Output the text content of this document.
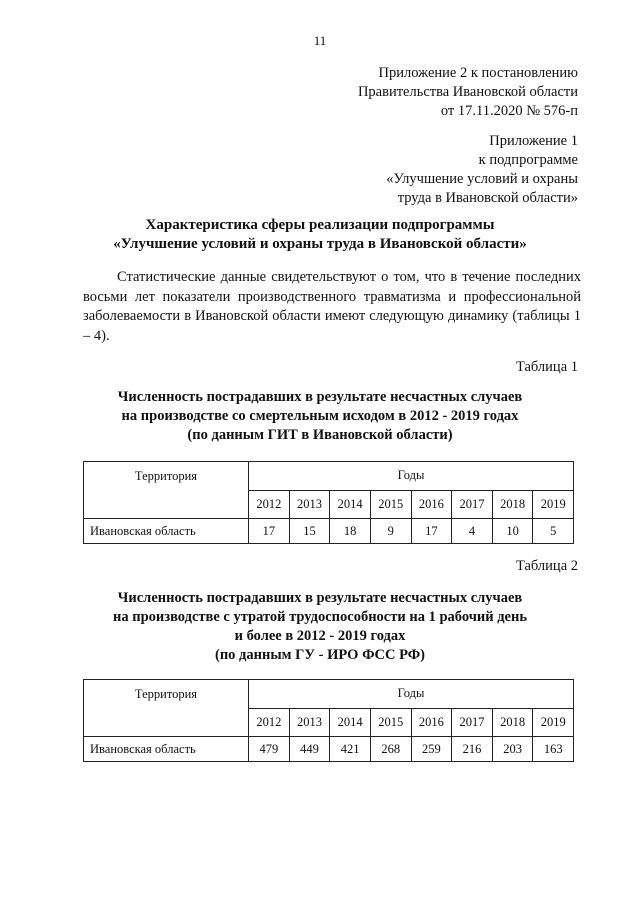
11
Приложение 2 к постановлению
Правительства Ивановской области
от 17.11.2020 № 576-п
Приложение 1
к подпрограмме
«Улучшение условий и охраны
труда в Ивановской области»
Характеристика сферы реализации подпрограммы
«Улучшение условий и охраны труда в Ивановской области»
Статистические данные свидетельствуют о том, что в течение последних восьми лет показатели производственного травматизма и профессиональной заболеваемости в Ивановской области имеют следующую динамику (таблицы 1 – 4).
Таблица 1
Численность пострадавших в результате несчастных случаев
на производстве со смертельным исходом в 2012 - 2019 годах
(по данным ГИТ в Ивановской области)
Территория	Годы							
	2012	2013	2014	2015	2016	2017	2018	2019
Ивановская область	17	15	18	9	17	4	10	5
Таблица 2
Численность пострадавших в результате несчастных случаев
на производстве с утратой трудоспособности на 1 рабочий день
и более в 2012 - 2019 годах
(по данным ГУ - ИРО ФСС РФ)
Территория	Годы							
	2012	2013	2014	2015	2016	2017	2018	2019
Ивановская область	479	449	421	268	259	216	203	163
